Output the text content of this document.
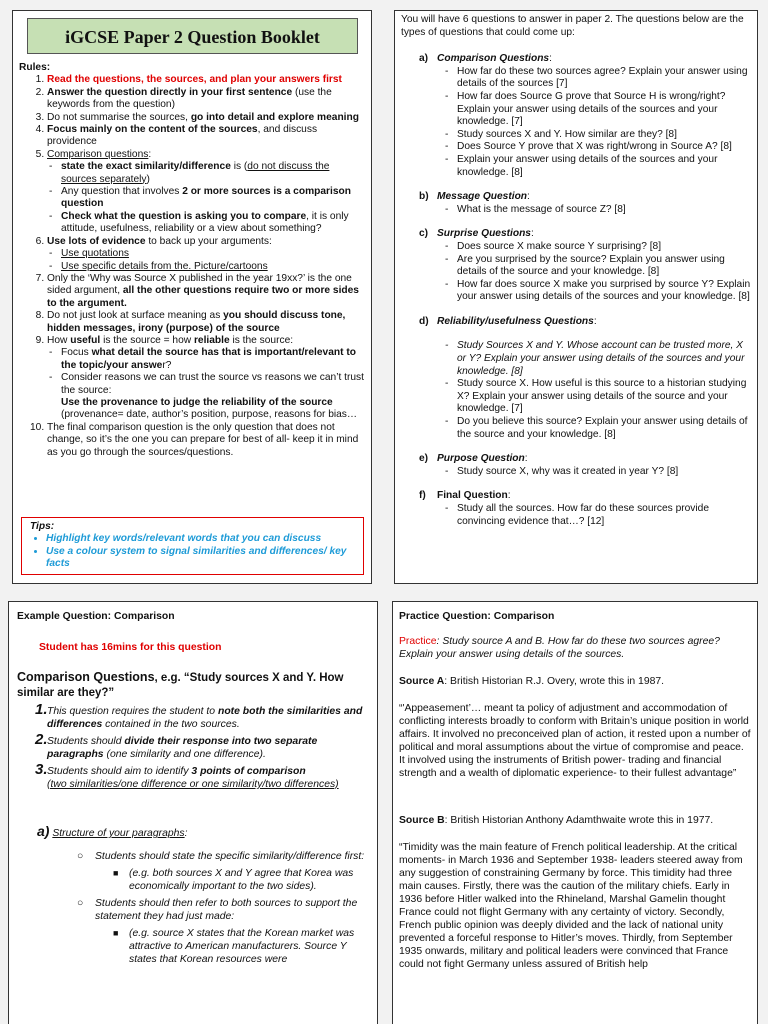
iGCSE Paper 2 Question Booklet
Rules:
1. Read the questions, the sources, and plan your answers first
2. Answer the question directly in your first sentence (use the keywords from the question)
3. Do not summarise the sources, go into detail and explore meaning
4. Focus mainly on the content of the sources, and discuss providence
5. Comparison questions:
- state the exact similarity/difference is (do not discuss the sources separately)
- Any question that involves 2 or more sources is a comparison question
- Check what the question is asking you to compare, it is only attitude, usefulness, reliability or a view about something?
6. Use lots of evidence to back up your arguments:
- Use quotations
- Use specific details from the. Picture/cartoons
7. Only the ‘Why was Source X published in the year 19xx?’ is the one sided argument, all the other questions require two or more sides to the argument.
8. Do not just look at surface meaning as you should discuss tone, hidden messages, irony (purpose) of the source
9. How useful is the source = how reliable is the source:
- Focus what detail the source has that is important/relevant to the topic/your answer?
- Consider reasons we can trust the source vs reasons we can’t trust the source:
Use the provenance to judge the reliability of the source (provenance= date, author’s position, purpose, reasons for bias…
10. The final comparison question is the only question that does not change, so it’s the one you can prepare for best of all- keep it in mind as you go through the sources/questions.
Tips:
• Highlight key words/relevant words that you can discuss
• Use a colour system to signal similarities and differences/ key facts
You will have 6 questions to answer in paper 2. The questions below are the types of questions that could come up:
a) Comparison Questions:
- How far do these two sources agree? Explain your answer using details of the sources [7]
- How far does Source G prove that Source H is wrong/right? Explain your answer using details of the sources and your knowledge. [7]
- Study sources X and Y. How similar are they? [8]
- Does Source Y prove that X was right/wrong in Source A? [8]
- Explain your answer using details of the sources and your knowledge. [8]
b) Message Question:
- What is the message of source Z? [8]
c) Surprise Questions:
- Does source X make source Y surprising? [8]
- Are you surprised by the source? Explain you answer using details of the source and your knowledge. [8]
- How far does source X make you surprised by source Y? Explain your answer using details of the sources and your knowledge. [8]
d) Reliability/usefulness Questions:
- Study Sources X and Y. Whose account can be trusted more, X or Y? Explain your answer using details of the sources and your knowledge. [8]
- Study source X. How useful is this source to a historian studying X? Explain your answer using details of the source and your knowledge. [7]
- Do you believe this source? Explain your answer using details of the source and your knowledge. [8]
e) Purpose Question:
- Study source X, why was it created in year Y? [8]
f) Final Question:
- Study all the sources. How far do these sources provide convincing evidence that…? [12]
Example Question: Comparison
Student has 16mins for this question
Comparison Questions, e.g. “Study sources X and Y. How similar are they?”
1. This question requires the student to note both the similarities and differences contained in the two sources.
2. Students should divide their response into two separate paragraphs (one similarity and one difference).
3. Students should aim to identify 3 points of comparison
(two similarities/one difference or one similarity/two differences)
a) Structure of your paragraphs:
○ Students should state the specific similarity/difference first:
■ (e.g. both sources X and Y agree that Korea was economically important to the two sides).
○ Students should then refer to both sources to support the statement they had just made:
■ (e.g. source X states that the Korean market was attractive to American manufacturers. Source Y states that Korean resources were

Practice Question: Comparison

Practice: Study source A and B. How far do these two sources agree? Explain your answer using details of the sources.

Source A: British Historian R.J. Overy, wrote this in 1987.

“'Appeasement’… meant ta policy of adjustment and accommodation of conflicting interests broadly to conform with Britain’s unique position in world affairs. It involved no preconceived plan of action, it rested upon a number of political and moral assumptions about the virtue of compromise and peace. It involved using the instruments of British power- trading and financial strength and a wealth of diplomatic experience- to their fullest advantage”

Source B: British Historian Anthony Adamthwaite wrote this in 1977.

“Timidity was the main feature of French political leadership. At the critical moments- in March 1936 and September 1938- leaders steered away from any suggestion of constraining Germany by force. This timidity had three main causes. Firstly, there was the caution of the military chiefs. Early in 1936 before Hitler walked into the Rhineland, Marshal Gamelin thought France could not flight Germany with any certainty of victory. Secondly, French public opinion was deeply divided and the lack of national unity prevented a forceful response to Hitler’s moves. Thirdly, from September 1935 onwards, military and political leaders were convinced that France could not fight Germany unless assured of British help
